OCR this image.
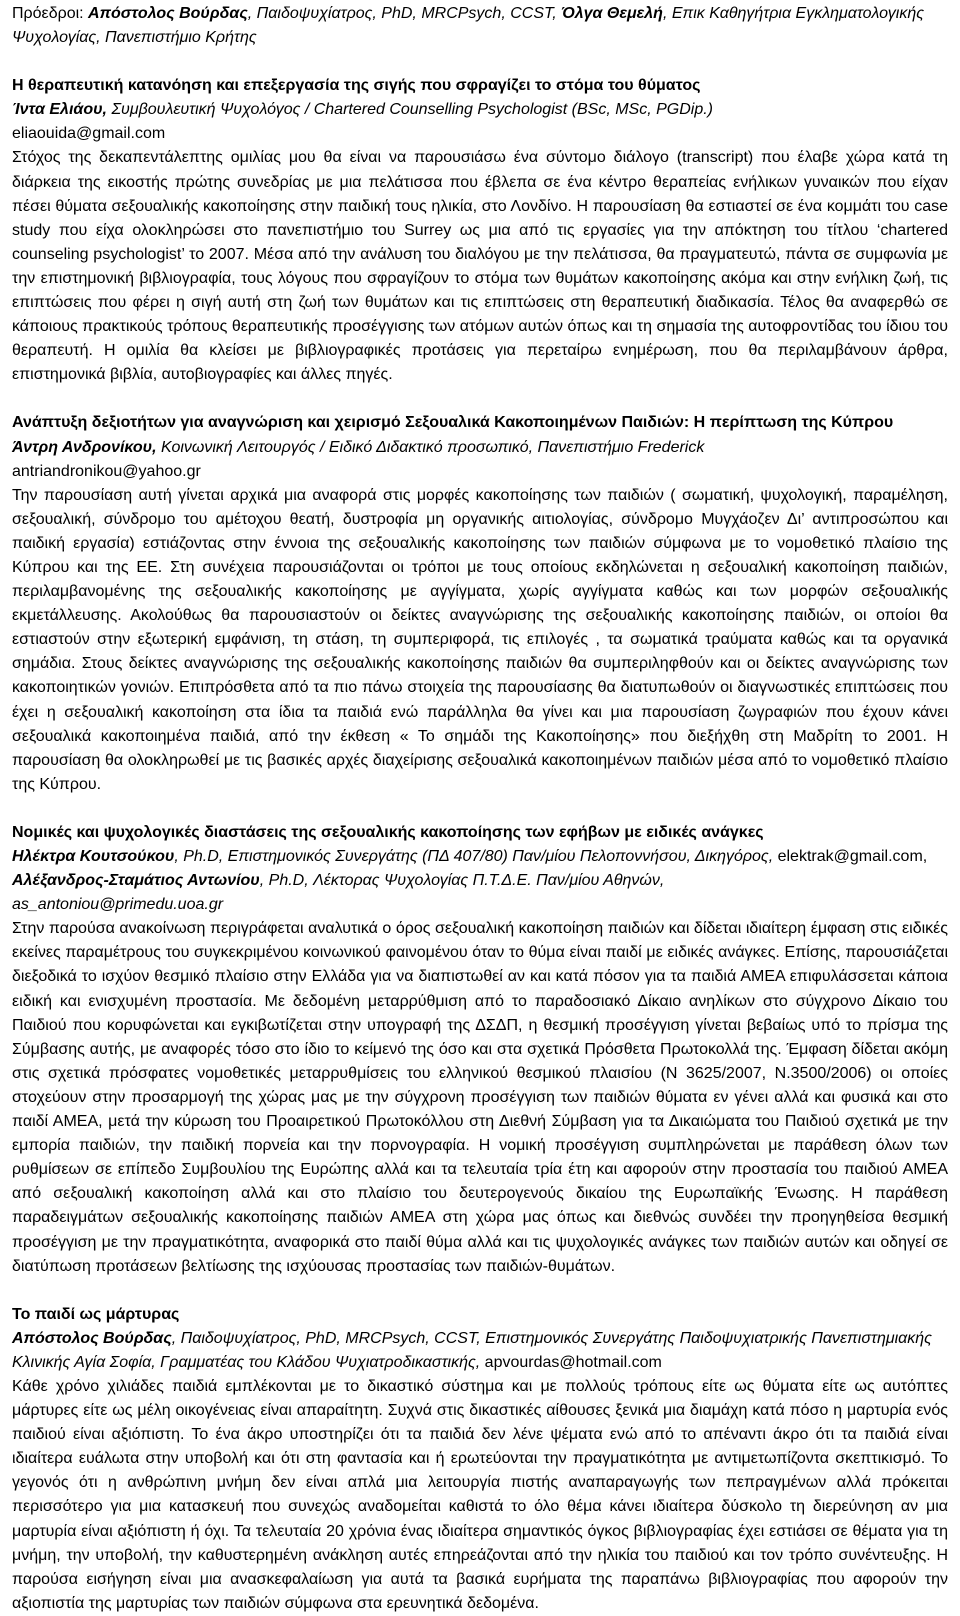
Πρόεδροι: Απόστολος Βούρδας, Παιδοψυχίατρος, PhD, MRCPsych, CCST, Όλγα Θεμελή, Επικ Καθηγήτρια Εγκληματολογικής Ψυχολογίας, Πανεπιστήμιο Κρήτης

Η θεραπευτική κατανόηση και επεξεργασία της σιγής που σφραγίζει το στόμα του θύματος

Ίντα Ελιάου, Συμβουλευτική Ψυχολόγος / Chartered Counselling Psychologist (BSc, MSc, PGDip.)

eliaouida@gmail.com

Στόχος της δεκαπεντάλεπτης ομιλίας μου θα είναι να παρουσιάσω ένα σύντομο διάλογο (transcript) που έλαβε χώρα κατά τη διάρκεια της εικοστής πρώτης συνεδρίας με μια πελάτισσα που έβλεπα σε ένα κέντρο θεραπείας ενήλικων γυναικών που είχαν πέσει θύματα σεξουαλικής κακοποίησης στην παιδική τους ηλικία, στο Λονδίνο. Η παρουσίαση θα εστιαστεί σε ένα κομμάτι του case study που είχα ολοκληρώσει στο πανεπιστήμιο του Surrey ως μια από τις εργασίες για την απόκτηση του τίτλου ‘chartered counseling psychologist’ το 2007. Μέσα από την ανάλυση του διαλόγου με την πελάτισσα, θα πραγματευτώ, πάντα σε συμφωνία με την επιστημονική βιβλιογραφία, τους λόγους που σφραγίζουν το στόμα των θυμάτων κακοποίησης ακόμα και στην ενήλικη ζωή, τις επιπτώσεις που φέρει η σιγή αυτή στη ζωή των θυμάτων και τις επιπτώσεις στη θεραπευτική διαδικασία. Τέλος θα αναφερθώ σε κάποιους πρακτικούς τρόπους θεραπευτικής προσέγγισης των ατόμων αυτών όπως και τη σημασία της αυτοφροντίδας του ίδιου του θεραπευτή. Η ομιλία θα κλείσει με βιβλιογραφικές προτάσεις για περεταίρω ενημέρωση, που θα περιλαμβάνουν άρθρα, επιστημονικά βιβλία, αυτοβιογραφίες και άλλες πηγές.

Ανάπτυξη δεξιοτήτων για αναγνώριση και χειρισμό Σεξουαλικά Κακοποιημένων Παιδιών: Η περίπτωση της Κύπρου

Άντρη Ανδρονίκου, Κοινωνική Λειτουργός / Ειδικό Διδακτικό προσωπικό, Πανεπιστήμιο Frederick

antriandronikou@yahoo.gr

Την παρουσίαση αυτή γίνεται αρχικά μια αναφορά στις μορφές κακοποίησης των παιδιών ( σωματική, ψυχολογική, παραμέληση, σεξουαλική, σύνδρομο του αμέτοχου θεατή, δυστροφία μη οργανικής αιτιολογίας, σύνδρομο Μυγχάοζεν Δι’ αντιπροσώπου και παιδική εργασία) εστιάζοντας στην έννοια της σεξουαλικής κακοποίησης των παιδιών σύμφωνα με το νομοθετικό πλαίσιο της Κύπρου και της ΕΕ. Στη συνέχεια παρουσιάζονται οι τρόποι με τους οποίους εκδηλώνεται η σεξουαλική κακοποίηση παιδιών, περιλαμβανομένης της σεξουαλικής κακοποίησης με αγγίγματα, χωρίς αγγίγματα καθώς και των μορφών σεξουαλικής εκμετάλλευσης. Ακολούθως θα παρουσιαστούν οι δείκτες αναγνώρισης της σεξουαλικής κακοποίησης παιδιών, οι οποίοι θα εστιαστούν στην εξωτερική εμφάνιση, τη στάση, τη συμπεριφορά, τις επιλογές , τα σωματικά τραύματα καθώς και τα οργανικά σημάδια. Στους δείκτες αναγνώρισης της σεξουαλικής κακοποίησης παιδιών θα συμπεριληφθούν και οι δείκτες αναγνώρισης των κακοποιητικών γονιών. Επιπρόσθετα από τα πιο πάνω στοιχεία της παρουσίασης θα διατυπωθούν οι διαγνωστικές επιπτώσεις που έχει η σεξουαλική κακοποίηση στα ίδια τα παιδιά ενώ παράλληλα θα γίνει και μια παρουσίαση ζωγραφιών που έχουν κάνει σεξουαλικά κακοποιημένα παιδιά, από την έκθεση « Το σημάδι της Κακοποίησης» που διεξήχθη στη Μαδρίτη το 2001. Η παρουσίαση θα ολοκληρωθεί με τις βασικές αρχές διαχείρισης σεξουαλικά κακοποιημένων παιδιών μέσα από το νομοθετικό πλαίσιο της Κύπρου.

Νομικές και ψυχολογικές διαστάσεις της σεξουαλικής κακοποίησης των εφήβων με ειδικές ανάγκες

Ηλέκτρα Κουτσούκου, Ph.D, Επιστημονικός Συνεργάτης (ΠΔ 407/80) Παν/μίου Πελοποννήσου, Δικηγόρος, elektrak@gmail.com, Αλέξανδρος-Σταμάτιος Αντωνίου, Ph.D, Λέκτορας Ψυχολογίας Π.Τ.Δ.Ε. Παν/μίου Αθηνών,

as_antoniou@primedu.uoa.gr

Στην παρούσα ανακοίνωση περιγράφεται αναλυτικά ο όρος σεξουαλική κακοποίηση παιδιών και δίδεται ιδιαίτερη έμφαση στις ειδικές εκείνες παραμέτρους του συγκεκριμένου κοινωνικού φαινομένου όταν το θύμα είναι παιδί με ειδικές ανάγκες. Επίσης, παρουσιάζεται διεξοδικά το ισχύον θεσμικό πλαίσιο στην Ελλάδα για να διαπιστωθεί αν και κατά πόσον για τα παιδιά ΑΜΕΑ επιφυλάσσεται κάποια ειδική και ενισχυμένη προστασία. Με δεδομένη μεταρρύθμιση από το παραδοσιακό Δίκαιο ανηλίκων στο σύγχρονο Δίκαιο του Παιδιού που κορυφώνεται και εγκιβωτίζεται στην υπογραφή της ΔΣΔΠ, η θεσμική προσέγγιση γίνεται βεβαίως υπό το πρίσμα της Σύμβασης αυτής, με αναφορές τόσο στο ίδιο το κείμενό της όσο και στα σχετικά Πρόσθετα Πρωτοκολλά της. Έμφαση δίδεται ακόμη στις σχετικά πρόσφατες νομοθετικές μεταρρυθμίσεις του ελληνικού θεσμικού πλαισίου (Ν 3625/2007, Ν.3500/2006) οι οποίες στοχεύουν στην προσαρμογή της χώρας μας με την σύγχρονη προσέγγιση των παιδιών θύματα εν γένει αλλά και φυσικά και στο παιδί ΑΜΕΑ, μετά την κύρωση του Προαιρετικού Πρωτοκόλλου στη Διεθνή Σύμβαση για τα Δικαιώματα του Παιδιού σχετικά με την εμπορία παιδιών, την παιδική πορνεία και την πορνογραφία. Η νομική προσέγγιση συμπληρώνεται με παράθεση όλων των ρυθμίσεων σε επίπεδο Συμβουλίου της Ευρώπης αλλά και τα τελευταία τρία έτη και αφορούν στην προστασία του παιδιού ΑΜΕΑ από σεξουαλική κακοποίηση αλλά και στο πλαίσιο του δευτερογενούς δικαίου της Ευρωπαϊκής Ένωσης. Η παράθεση παραδειγμάτων σεξουαλικής κακοποίησης παιδιών ΑΜΕΑ στη χώρα μας όπως και διεθνώς συνδέει την προηγηθείσα θεσμική προσέγγιση με την πραγματικότητα, αναφορικά στο παιδί θύμα αλλά και τις ψυχολογικές ανάγκες των παιδιών αυτών και οδηγεί σε διατύπωση προτάσεων βελτίωσης της ισχύουσας προστασίας των παιδιών-θυμάτων.

Το παιδί ως μάρτυρας

Απόστολος Βούρδας, Παιδοψυχίατρος, PhD, MRCPsych, CCST, Επιστημονικός Συνεργάτης Παιδοψυχιατρικής Πανεπιστημιακής Κλινικής Αγία Σοφία, Γραμματέας του Κλάδου Ψυχιατροδικαστικής, apvourdas@hotmail.com

Κάθε χρόνο χιλιάδες παιδιά εμπλέκονται με το δικαστικό σύστημα και με πολλούς τρόπους είτε ως θύματα είτε ως αυτόπτες μάρτυρες είτε ως μέλη οικογένειας είναι απαραίτητη. Συχνά στις δικαστικές αίθουσες ξενικά μια διαμάχη κατά πόσο η μαρτυρία ενός παιδιού είναι αξιόπιστη. Το ένα άκρο υποστηρίζει ότι τα παιδιά δεν λένε ψέματα ενώ από το απέναντι άκρο ότι τα παιδιά είναι ιδιαίτερα ευάλωτα στην υποβολή και ότι στη φαντασία και ή ερωτεύονται την πραγματικότητα με αντιμετωπίζοντα σκεπτικισμό. Το γεγονός ότι η ανθρώπινη μνήμη δεν είναι απλά μια λειτουργία πιστής αναπαραγωγής των πεπραγμένων αλλά πρόκειται περισσότερο για μια κατασκευή που συνεχώς αναδομείται καθιστά το όλο θέμα κάνει ιδιαίτερα δύσκολο τη διερεύνηση αν μια μαρτυρία είναι αξιόπιστη ή όχι. Τα τελευταία 20 χρόνια ένας ιδιαίτερα σημαντικός όγκος βιβλιογραφίας έχει εστιάσει σε θέματα για τη μνήμη, την υποβολή, την καθυστερημένη ανάκληση αυτές επηρεάζονται από την ηλικία του παιδιού και τον τρόπο συνέντευξης. Η παρούσα εισήγηση είναι μια ανασκεφαλαίωση για αυτά τα βασικά ευρήματα της παραπάνω βιβλιογραφίας που αφορούν την αξιοπιστία της μαρτυρίας των παιδιών σύμφωνα στα ερευνητικά δεδομένα.
